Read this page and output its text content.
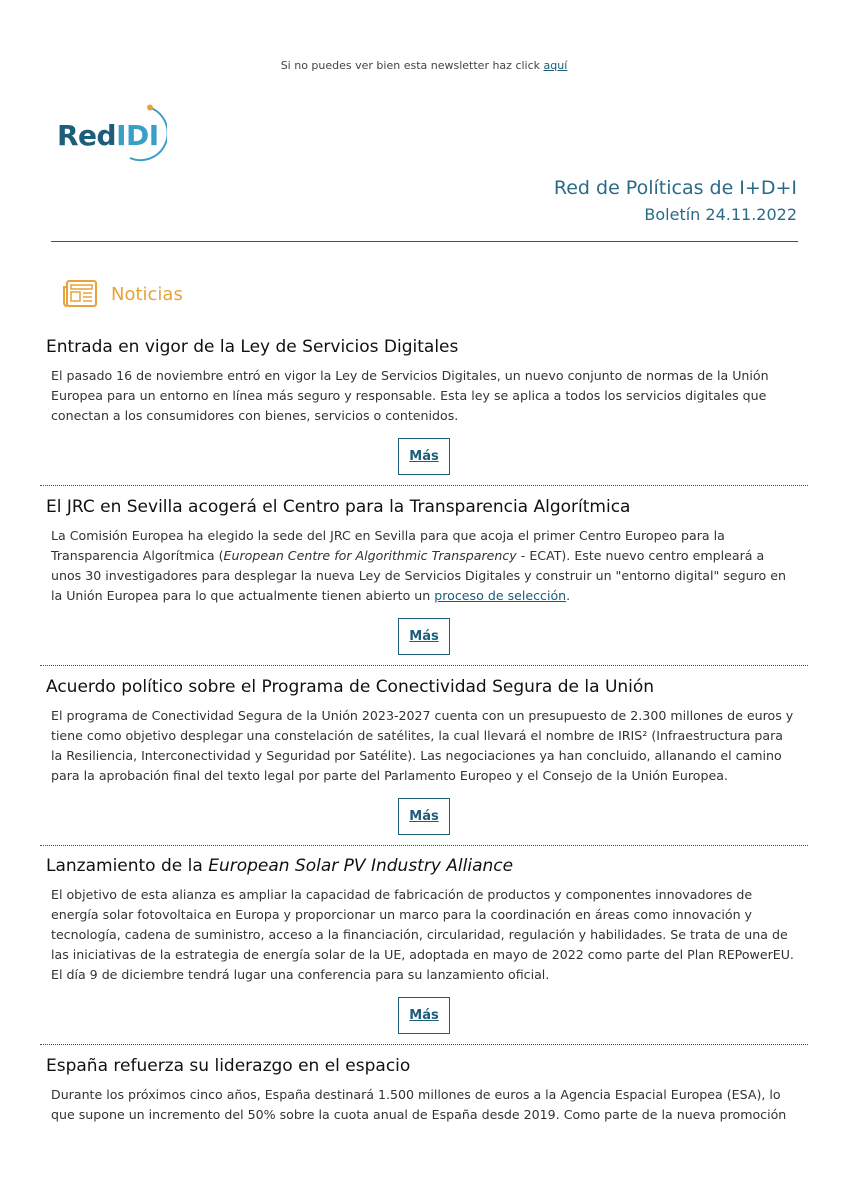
Si no puedes ver bien esta newsletter haz click aquí
RedIDI
Red de Políticas de I+D+I
Boletín 24.11.2022
Noticias
Entrada en vigor de la Ley de Servicios Digitales
El pasado 16 de noviembre entró en vigor la Ley de Servicios Digitales, un nuevo conjunto de normas de la Unión Europea para un entorno en línea más seguro y responsable. Esta ley se aplica a todos los servicios digitales que conectan a los consumidores con bienes, servicios o contenidos.
Más
El JRC en Sevilla acogerá el Centro para la Transparencia Algorítmica
La Comisión Europea ha elegido la sede del JRC en Sevilla para que acoja el primer Centro Europeo para la Transparencia Algorítmica (European Centre for Algorithmic Transparency - ECAT). Este nuevo centro empleará a unos 30 investigadores para desplegar la nueva Ley de Servicios Digitales y construir un "entorno digital" seguro en la Unión Europea para lo que actualmente tienen abierto un proceso de selección.
Más
Acuerdo político sobre el Programa de Conectividad Segura de la Unión
El programa de Conectividad Segura de la Unión 2023-2027 cuenta con un presupuesto de 2.300 millones de euros y tiene como objetivo desplegar una constelación de satélites, la cual llevará el nombre de IRIS² (Infraestructura para la Resiliencia, Interconectividad y Seguridad por Satélite). Las negociaciones ya han concluido, allanando el camino para la aprobación final del texto legal por parte del Parlamento Europeo y el Consejo de la Unión Europea.
Más
Lanzamiento de la European Solar PV Industry Alliance
El objetivo de esta alianza es ampliar la capacidad de fabricación de productos y componentes innovadores de energía solar fotovoltaica en Europa y proporcionar un marco para la coordinación en áreas como innovación y tecnología, cadena de suministro, acceso a la financiación, circularidad, regulación y habilidades. Se trata de una de las iniciativas de la estrategia de energía solar de la UE, adoptada en mayo de 2022 como parte del Plan REPowerEU. El día 9 de diciembre tendrá lugar una conferencia para su lanzamiento oficial.
Más
España refuerza su liderazgo en el espacio
Durante los próximos cinco años, España destinará 1.500 millones de euros a la Agencia Espacial Europea (ESA), lo que supone un incremento del 50% sobre la cuota anual de España desde 2019. Como parte de la nueva promoción
